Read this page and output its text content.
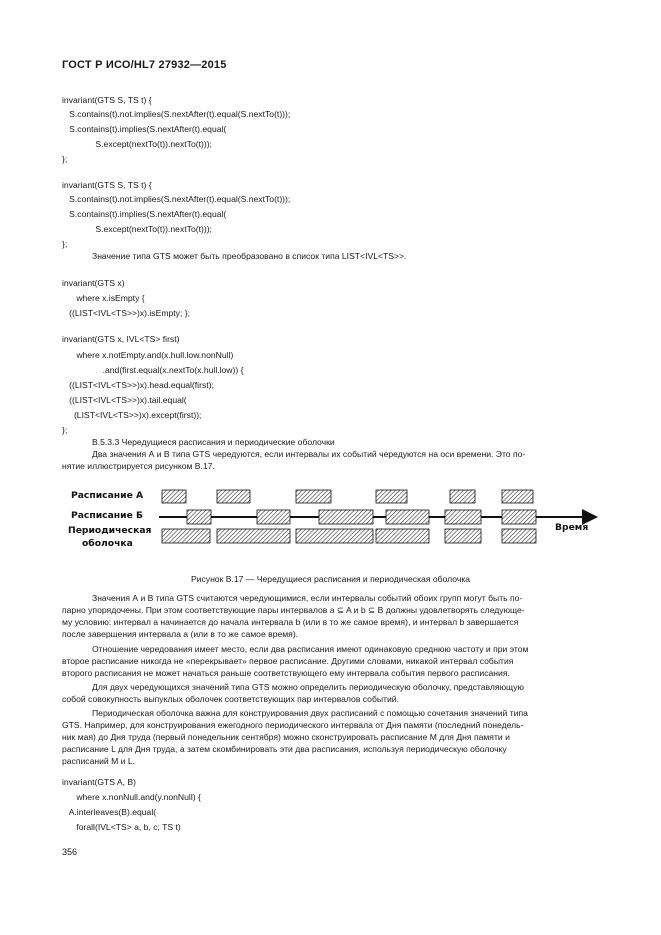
ГОСТ Р ИСО/HL7 27932—2015
invariant(GTS S, TS t) {
S.contains(t).not.implies(S.nextAfter(t).equal(S.nextTo(t)));
S.contains(t).implies(S.nextAfter(t).equal(
S.except(nextTo(t)).nextTo(t)));
};
invariant(GTS S, TS t) {
S.contains(t).not.implies(S.nextAfter(t).equal(S.nextTo(t)));
S.contains(t).implies(S.nextAfter(t).equal(
S.except(nextTo(t)).nextTo(t)));
};
Значение типа GTS может быть преобразовано в список типа LIST<IVL<TS>>.
invariant(GTS x)
where x.isEmpty {
((LIST<IVL<TS>>)x).isEmpty; };
invariant(GTS x, IVL<TS> first)
where x.notEmpty.and(x.hull.low.nonNull)
.and(first.equal(x.nextTo(x.hull.low)) {
((LIST<IVL<TS>>)x).head.equal(first);
((LIST<IVL<TS>>)x).tail.equal(
(LIST<IVL<TS>>)x).except(first));
};
B.5.3.3 Чередущиеся расписания и периодические оболочки
Два значения А и В типа GTS чередуются, если интервалы их событий чередуются на оси времени. Это по-
нятие иллюстрируется рисунком В.17.
Расписание А
Расписание Б
Периодическая
оболочка
Время
Рисунок В.17 — Чередущиеся расписания и периодическая оболочка
Значения А и В типа GTS считаются чередующимися, если интервалы событий обоих групп могут быть по-
парно упорядочены. При этом соответствующие пары интервалов a ⊆ A и b ⊆ B должны удовлетворять следующе-
му условию: интервал a начинается до начала интервала b (или в то же самое время), и интервал b завершается
после завершения интервала a (или в то же самое время).
Отношение чередования имеет место, если два расписания имеют одинаковую среднюю частоту и при этом
второе расписание никогда не «перекрывает» первое расписание. Другими словами, никакой интервал события
второго расписания не может начаться раньше соответствующего ему интервала события первого расписания.
Для двух чередующихся значений типа GTS можно определить периодическую оболочку, представляющую
собой совокупность выпуклых оболочек соответствующих пар интервалов событий.
Периодическая оболочка важна для конструирования двух расписаний с помощью сочетания значений типа
GTS. Например, для конструирования ежегодного периодического интервала от Дня памяти (последний понедель-
ник мая) до Дня труда (первый понедельник сентября) можно сконструировать расписание M для Дня памяти и
расписание L для Дня труда, а затем скомбинировать эти два расписания, используя периодическую оболочку
расписаний M и L.
invariant(GTS A, B)
where x.nonNull.and(y.nonNull) {
A.interleaves(B).equal(
forall(IVL<TS> a, b, c; TS t)
356
